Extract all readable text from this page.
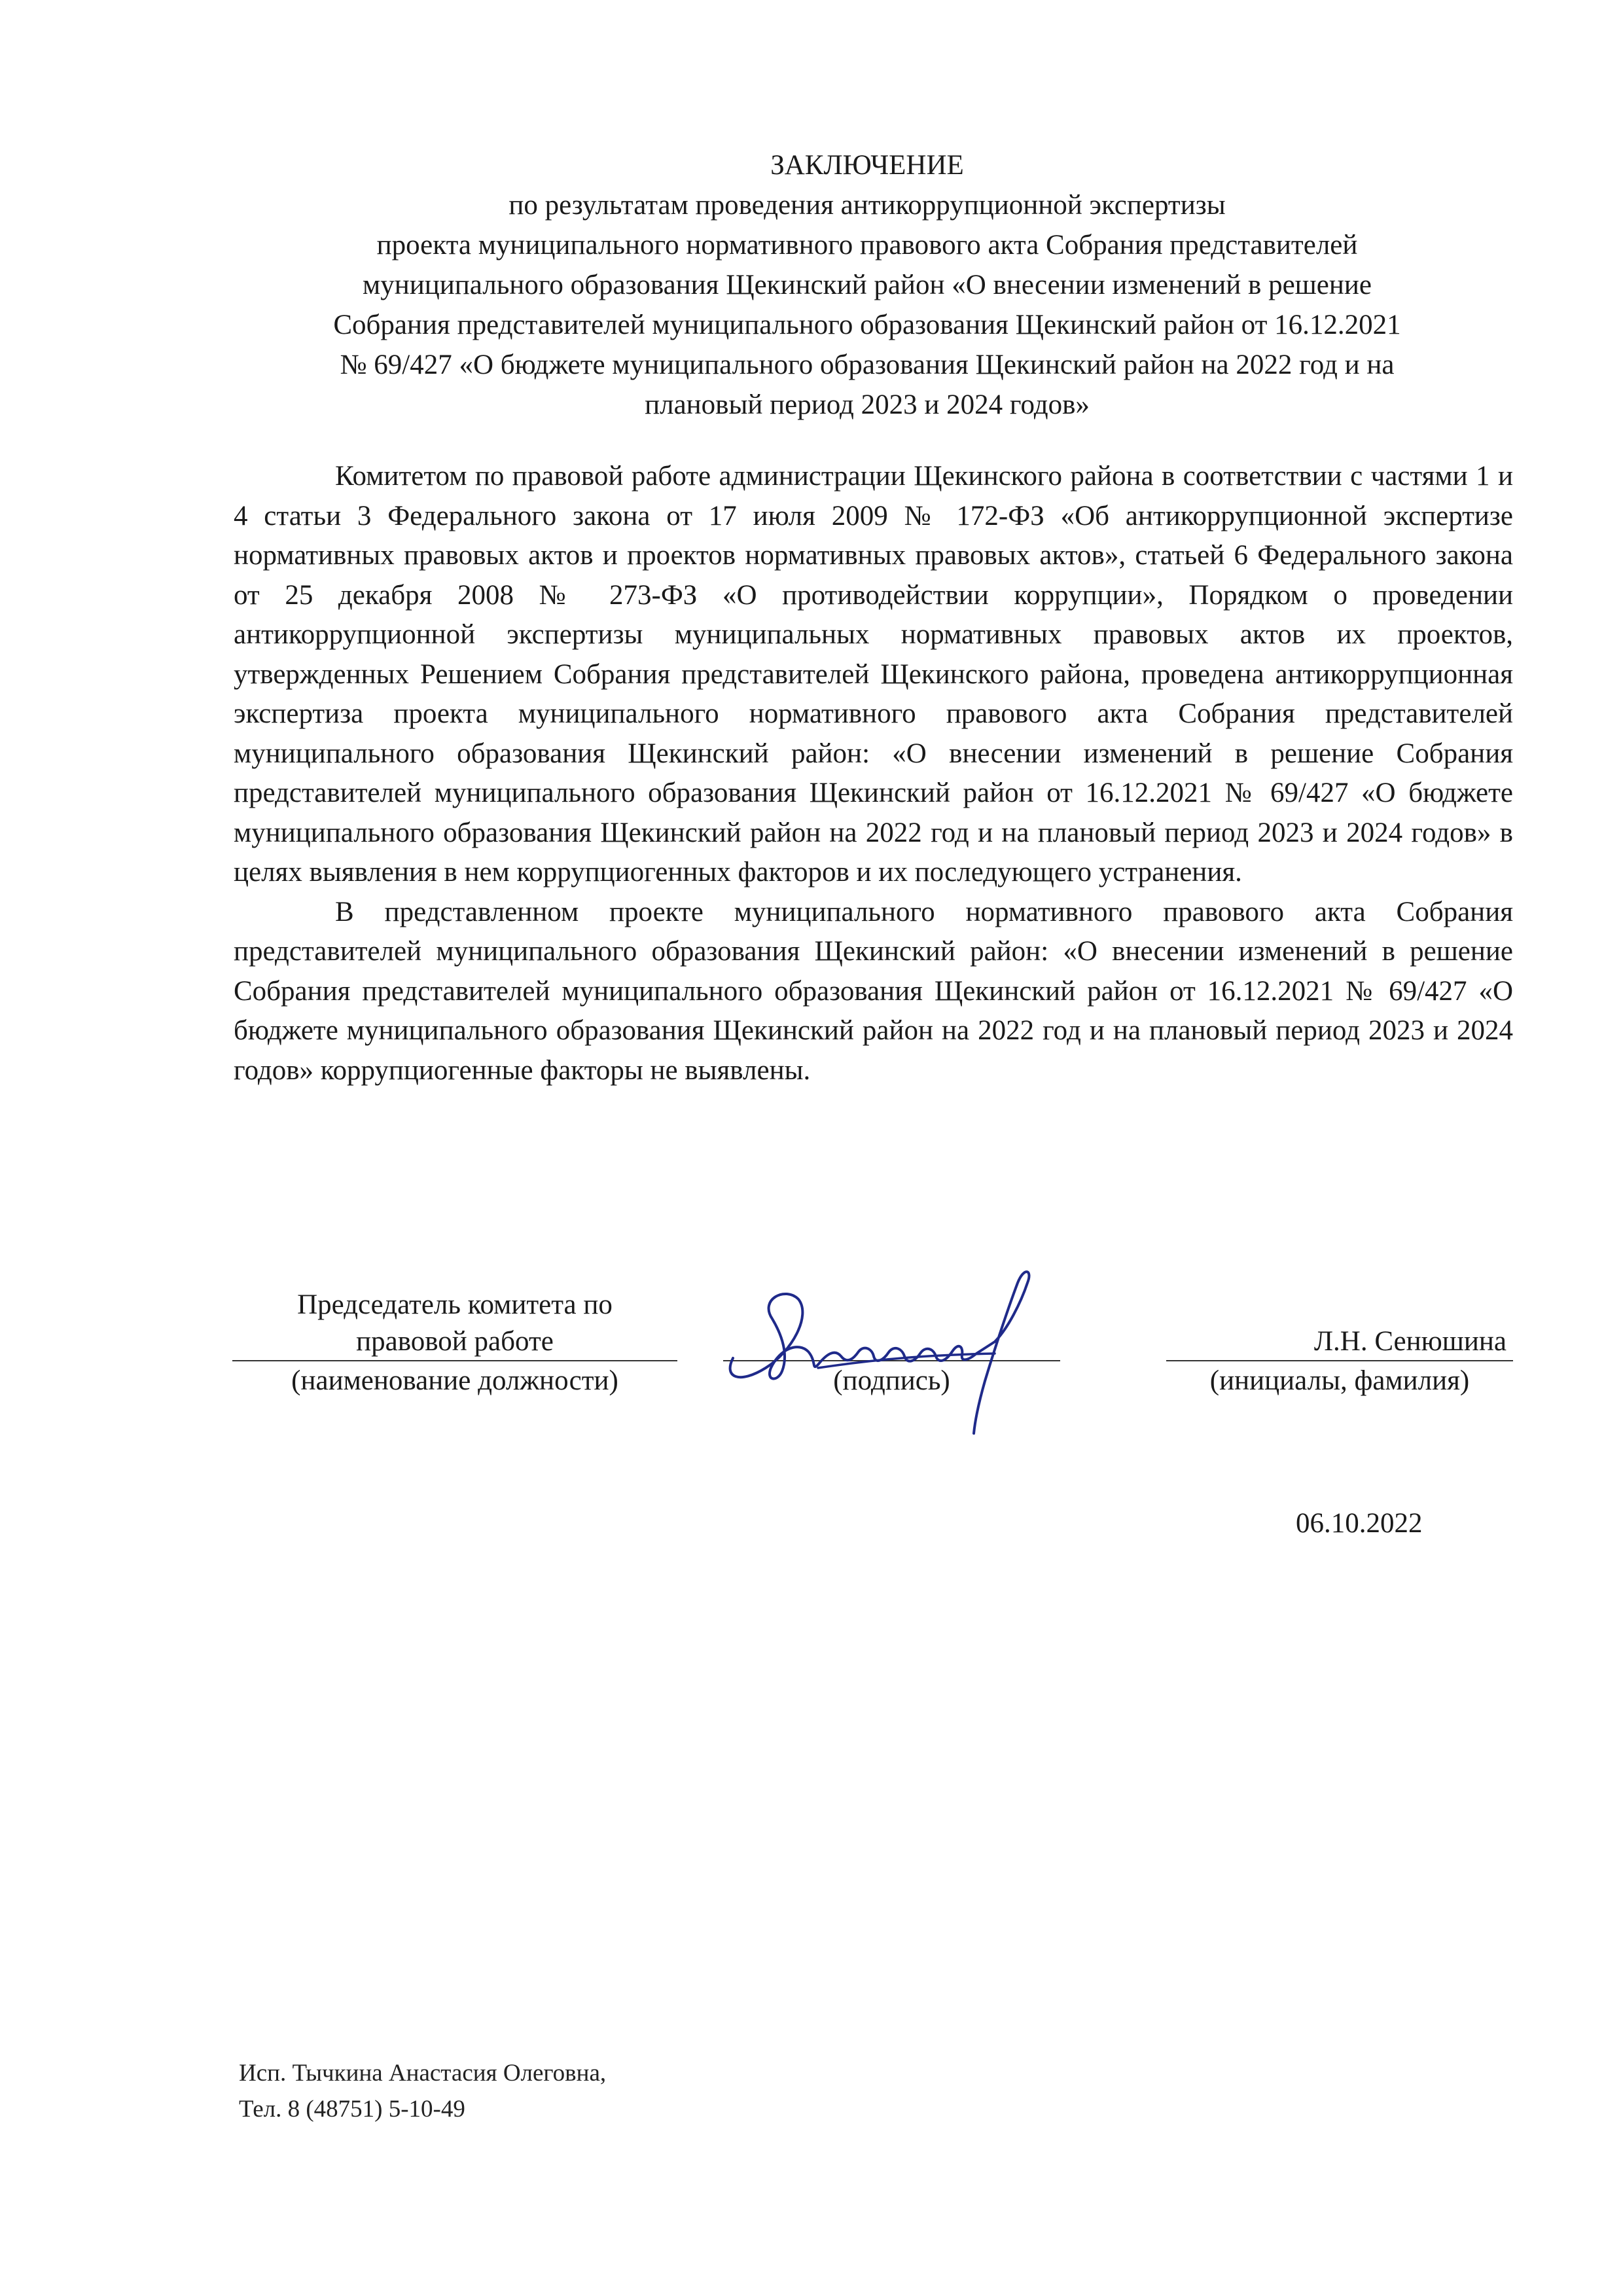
ЗАКЛЮЧЕНИЕ
по результатам проведения антикоррупционной экспертизы
проекта муниципального нормативного правового акта Собрания представителей
муниципального образования Щекинский район «О внесении изменений в решение
Собрания представителей муниципального образования Щекинский район от 16.12.2021
№ 69/427 «О бюджете муниципального образования Щекинский район на 2022 год и на
плановый период 2023 и 2024 годов»

Комитетом по правовой работе администрации Щекинского района в соответствии с частями 1 и 4 статьи 3 Федерального закона от 17 июля 2009 № 172-ФЗ «Об антикоррупционной экспертизе нормативных правовых актов и проектов нормативных правовых актов», статьей 6 Федерального закона от 25 декабря 2008 № 273-ФЗ «О противодействии коррупции», Порядком о проведении антикоррупционной экспертизы муниципальных нормативных правовых актов их проектов, утвержденных Решением Собрания представителей Щекинского района, проведена антикоррупционная экспертиза проекта муниципального нормативного правового акта Собрания представителей муниципального образования Щекинский район: «О внесении изменений в решение Собрания представителей муниципального образования Щекинский район от 16.12.2021 № 69/427 «О бюджете муниципального образования Щекинский район на 2022 год и на плановый период 2023 и 2024 годов» в целях выявления в нем коррупциогенных факторов и их последующего устранения.

В представленном проекте муниципального нормативного правового акта Собрания представителей муниципального образования Щекинский район: «О внесении изменений в решение Собрания представителей муниципального образования Щекинский район от 16.12.2021 № 69/427 «О бюджете муниципального образования Щекинский район на 2022 год и на плановый период 2023 и 2024 годов» коррупциогенные факторы не выявлены.

Председатель комитета по
правовой работе
(наименование должности)	(подпись)
Л.Н. Сенюшина
(инициалы, фамилия)
06.10.2022
Исп. Тычкина Анастасия Олеговна,
Тел. 8 (48751) 5-10-49
